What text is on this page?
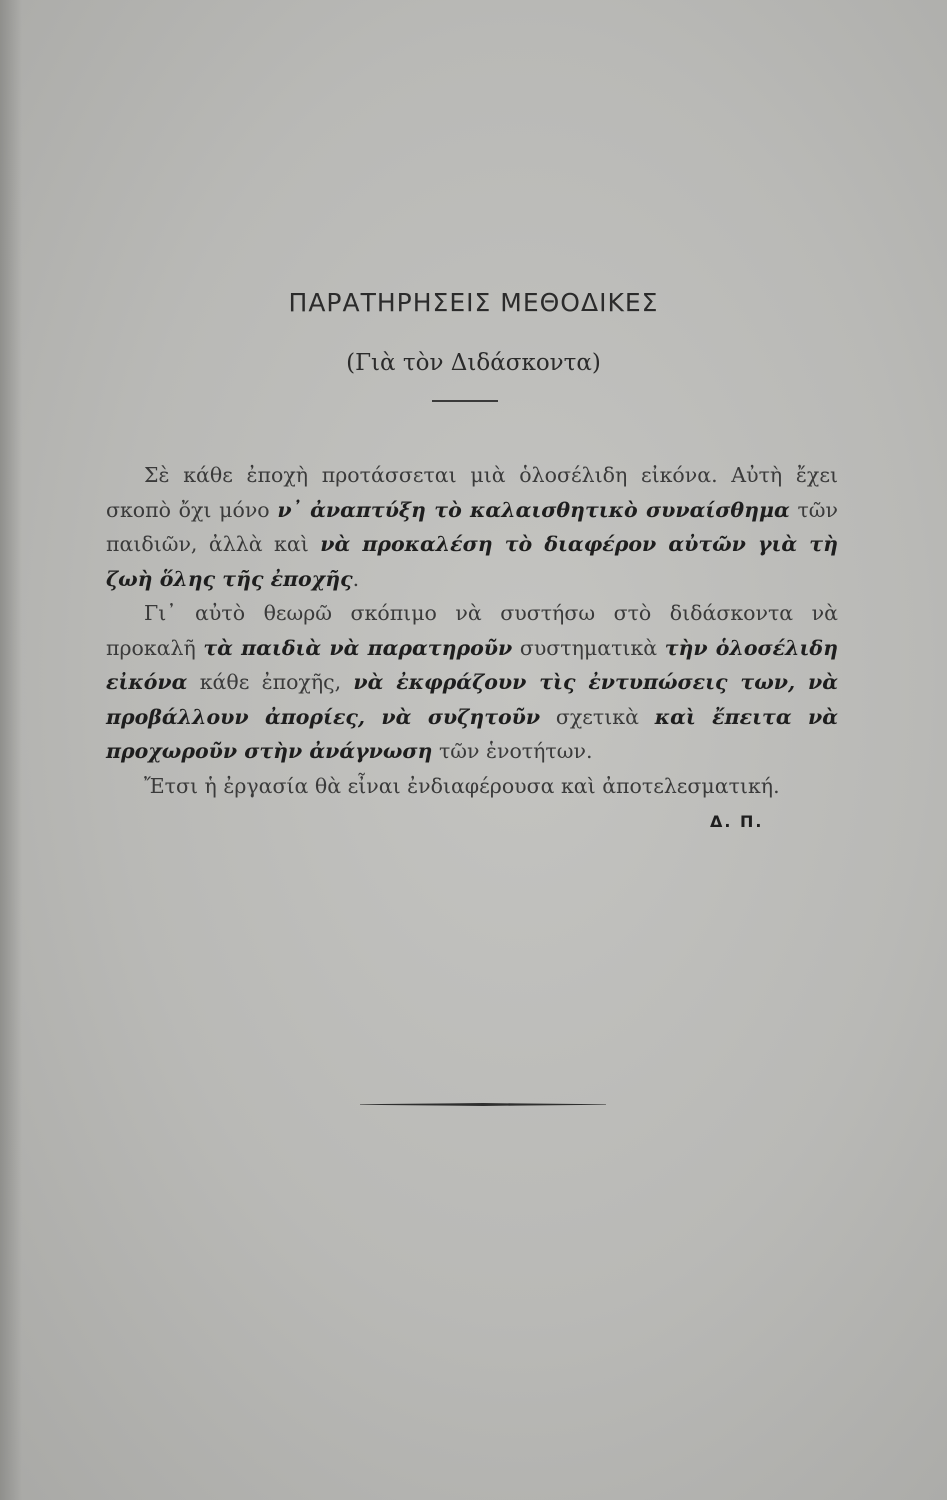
ΠΑΡΑΤΗΡΗΣΕΙΣ ΜΕΘΟΔΙΚΕΣ
(Γιὰ τὸν Διδάσκοντα)

Σὲ κάθε ἐποχὴ προτάσσεται μιὰ ὁλοσέλιδη εἰκόνα. Αὐτὴ ἔχει σκοπὸ ὄχι μόνο ν᾽ ἀναπτύξη τὸ καλαισθητικὸ συναίσθημα τῶν παιδιῶν, ἀλλὰ καὶ νὰ προκαλέση τὸ διαφέρον αὐτῶν γιὰ τὴ ζωὴ ὅλης τῆς ἐποχῆς.

Γι᾽ αὐτὸ θεωρῶ σκόπιμο νὰ συστήσω στὸ διδάσκοντα νὰ προκαλῆ τὰ παιδιὰ νὰ παρατηροῦν συστηματικὰ τὴν ὁλοσέλιδη εἰκόνα κάθε ἐποχῆς, νὰ ἐκφράζουν τὶς ἐντυπώσεις των, νὰ προβάλλουν ἀπορίες, νὰ συζητοῦν σχετικὰ καὶ ἔπειτα νὰ προχωροῦν στὴν ἀνάγνωση τῶν ἑνοτήτων.

Ἔτσι ἡ ἐργασία θὰ εἶναι ἐνδιαφέρουσα καὶ ἀποτελεσματική.

Δ. Π.
